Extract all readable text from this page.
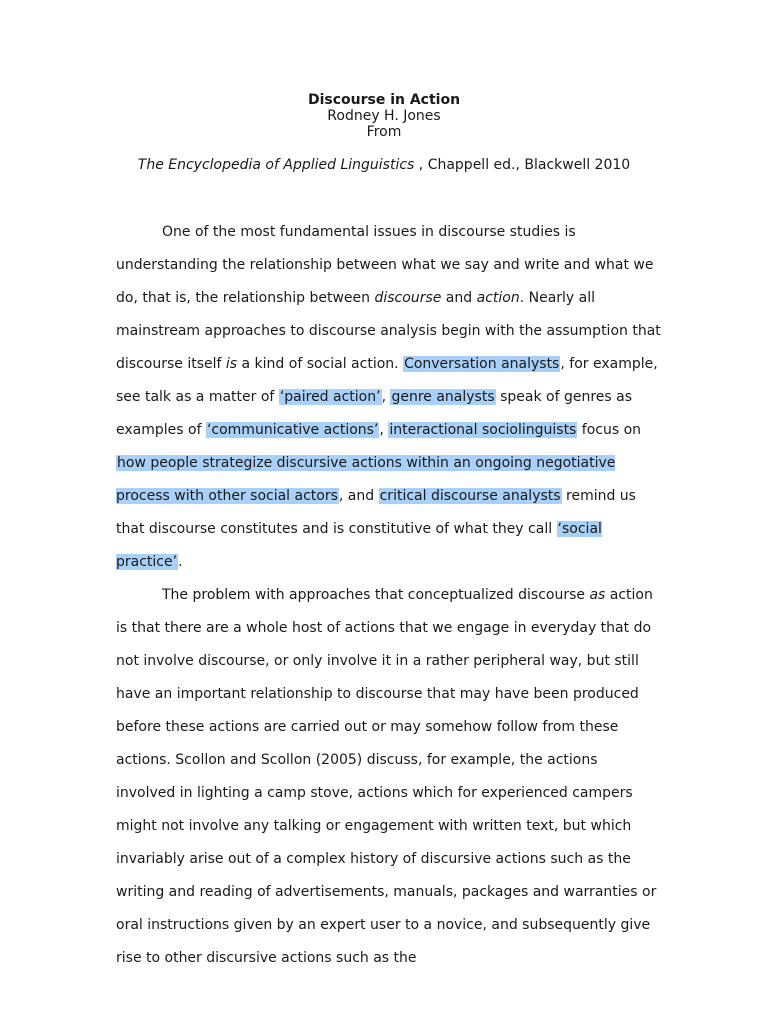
Discourse in Action
Rodney H. Jones
From
The Encyclopedia of Applied Linguistics , Chappell ed., Blackwell 2010

One of the most fundamental issues in discourse studies is understanding the relationship between what we say and write and what we do, that is, the relationship between discourse and action. Nearly all mainstream approaches to discourse analysis begin with the assumption that discourse itself is a kind of social action. Conversation analysts, for example, see talk as a matter of ‘paired action’, genre analysts speak of genres as examples of ‘communicative actions’, interactional sociolinguists focus on how people strategize discursive actions within an ongoing negotiative process with other social actors, and critical discourse analysts remind us that discourse constitutes and is constitutive of what they call ‘social practice’.

The problem with approaches that conceptualized discourse as action is that there are a whole host of actions that we engage in everyday that do not involve discourse, or only involve it in a rather peripheral way, but still have an important relationship to discourse that may have been produced before these actions are carried out or may somehow follow from these actions. Scollon and Scollon (2005) discuss, for example, the actions involved in lighting a camp stove, actions which for experienced campers might not involve any talking or engagement with written text, but which invariably arise out of a complex history of discursive actions such as the writing and reading of advertisements, manuals, packages and warranties or oral instructions given by an expert user to a novice, and subsequently give rise to other discursive actions such as the
